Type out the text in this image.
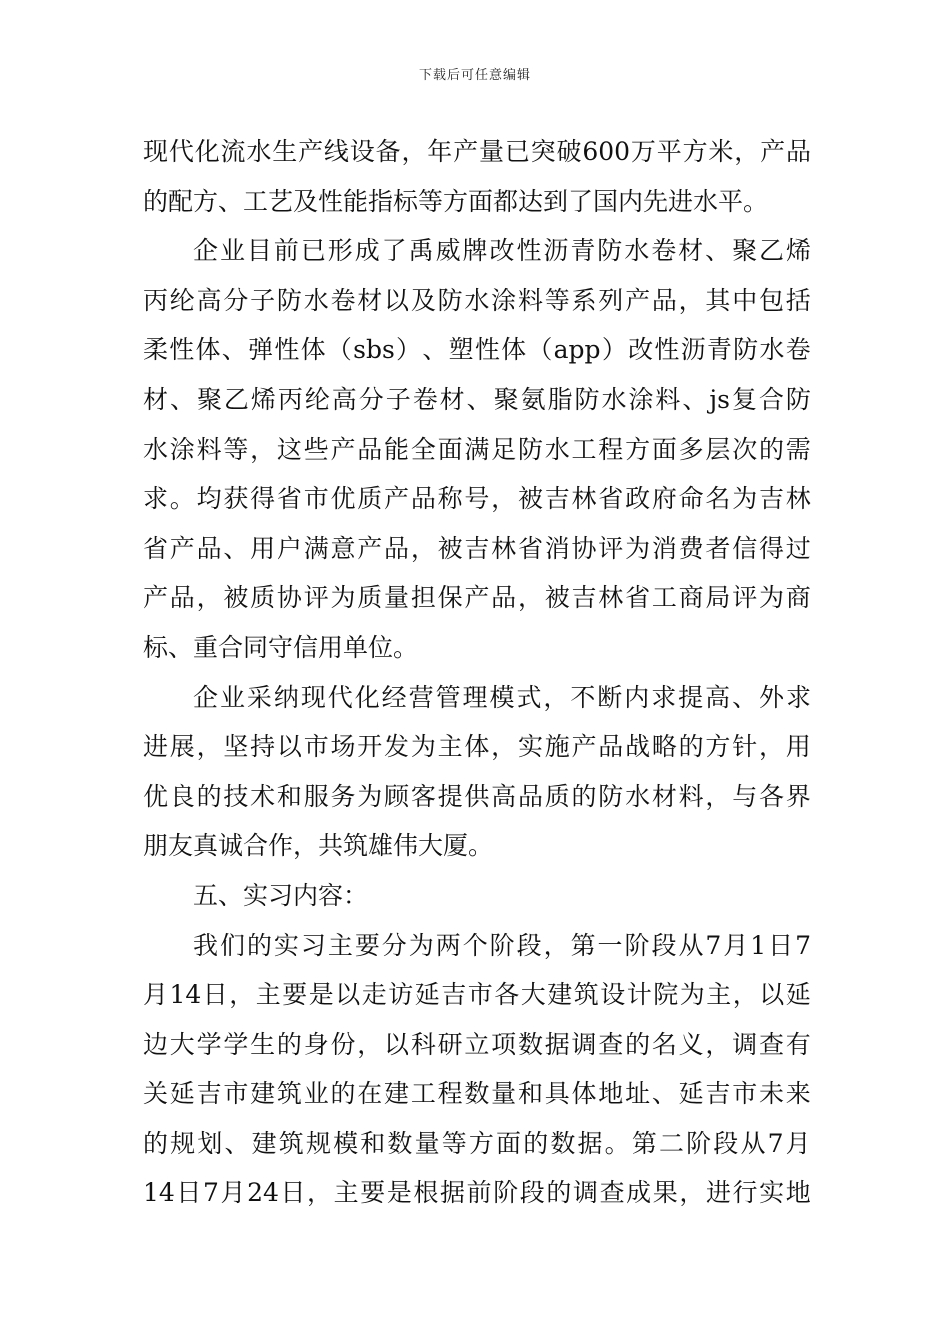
下载后可任意编辑
现 代 化 流 水 生 产 线 设 备 ， 年 产 量 已 突 破 600 万 平 方 米 ， 产 品
的配方、工艺及性能指标等方面都达到了国内先进水平。
企 业 目 前 已 形 成 了 禹 威 牌 改 性 沥 青 防 水 卷 材 、 聚 乙 烯
丙 纶 高 分 子 防 水 卷 材 以 及 防 水 涂 料 等 系 列 产 品 ， 其 中 包 括
柔 性 体 、 弹 性 体 （ sbs ） 、 塑 性 体 （ app ） 改 性 沥 青 防 水 卷
材 、 聚 乙 烯 丙 纶 高 分 子 卷 材 、 聚 氨 脂 防 水 涂 料 、 js 复 合 防
水 涂 料 等 ， 这 些 产 品 能 全 面 满 足 防 水 工 程 方 面 多 层 次 的 需
求 。 均 获 得 省 市 优 质 产 品 称 号 ， 被 吉 林 省 政 府 命 名 为 吉 林
省 产 品 、 用 户 满 意 产 品 ， 被 吉 林 省 消 协 评 为 消 费 者 信 得 过
产 品 ， 被 质 协 评 为 质 量 担 保 产 品 ， 被 吉 林 省 工 商 局 评 为 商
标、重合同守信用单位。
企 业 采 纳 现 代 化 经 营 管 理 模 式 ， 不 断 内 求 提 高 、 外 求
进 展 ， 坚 持 以 市 场 开 发 为 主 体 ， 实 施 产 品 战 略 的 方 针 ， 用
优 良 的 技 术 和 服 务 为 顾 客 提 供 高 品 质 的 防 水 材 料 ， 与 各 界
朋友真诚合作，共筑雄伟大厦。
五、实习内容：
我 们 的 实 习 主 要 分 为 两 个 阶 段 ， 第 一 阶 段 从 7 月 1 日 7
月 14 日 ， 主 要 是 以 走 访 延 吉 市 各 大 建 筑 设 计 院 为 主 ， 以 延
边 大 学 学 生 的 身 份 ， 以 科 研 立 项 数 据 调 查 的 名 义 ， 调 查 有
关 延 吉 市 建 筑 业 的 在 建 工 程 数 量 和 具 体 地 址 、 延 吉 市 未 来
的 规 划 、 建 筑 规 模 和 数 量 等 方 面 的 数 据 。 第 二 阶 段 从 7 月
14 日 7 月 24 日 ， 主 要 是 根 据 前 阶 段 的 调 查 成 果 ， 进 行 实 地
